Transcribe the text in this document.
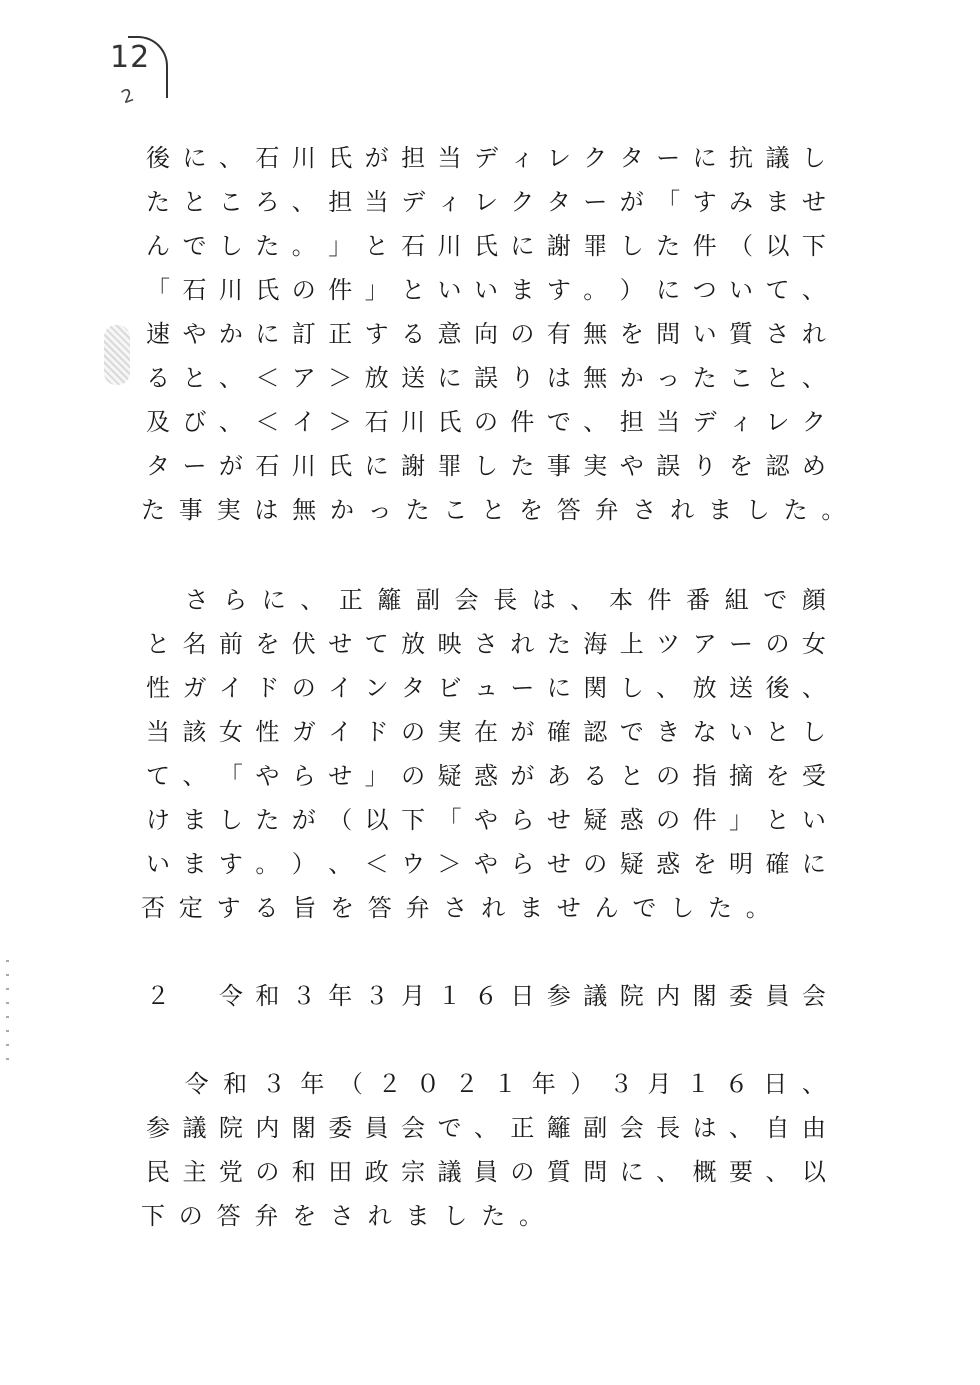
12
2
後 に 、 石 川 氏 が 担 当 デ ィ レ ク タ ー に 抗 議 し
た と こ ろ 、 担 当 デ ィ レ ク タ ー が 「 す み ま せ
ん で し た 。 」 と 石 川 氏 に 謝 罪 し た 件 （ 以 下
「 石 川 氏 の 件 」 と い い ま す 。 ） に つ い て 、
速 や か に 訂 正 す る 意 向 の 有 無 を 問 い 質 さ れ
る と 、 ＜ ア ＞ 放 送 に 誤 り は 無 か っ た こ と 、
及 び 、 ＜ イ ＞ 石 川 氏 の 件 で 、 担 当 デ ィ レ ク
タ ー が 石 川 氏 に 謝 罪 し た 事 実 や 誤 り を 認 め
た事実は無かったことを答弁されました。

さ ら に 、 正 籬 副 会 長 は 、 本 件 番 組 で 顔
と 名 前 を 伏 せ て 放 映 さ れ た 海 上 ツ ア ー の 女
性 ガ イ ド の イ ン タ ビ ュ ー に 関 し 、 放 送 後 、
当 該 女 性 ガ イ ド の 実 在 が 確 認 で き な い と し
て 、 「 や ら せ 」 の 疑 惑 が あ る と の 指 摘 を 受
け ま し た が （ 以 下 「 や ら せ 疑 惑 の 件 」 と い
い ま す 。 ） 、 ＜ ウ ＞ や ら せ の 疑 惑 を 明 確 に
否定する旨を答弁されませんでした。
２
　 令 和 ３ 年 ３ 月 １ ６ 日 参 議 院 内 閣 委 員 会

令 和 ３ 年 （ ２ ０ ２ １ 年 ） ３ 月 １ ６ 日 、
参 議 院 内 閣 委 員 会 で 、 正 籬 副 会 長 は 、 自 由
民 主 党 の 和 田 政 宗 議 員 の 質 問 に 、 概 要 、 以
下の答弁をされました。
